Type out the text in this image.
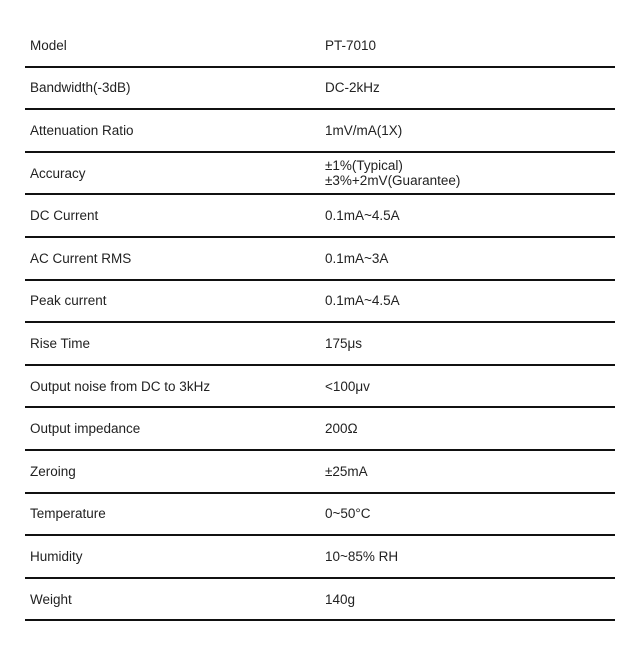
Model	PT-7010
Bandwidth(-3dB)	DC-2kHz
Attenuation Ratio	1mV/mA(1X)
Accuracy	±1%(Typical)
±3%+2mV(Guarantee)
DC Current	0.1mA~4.5A
AC Current RMS	0.1mA~3A
Peak current	0.1mA~4.5A
Rise Time	175μs
Output noise from DC to 3kHz	<100μv
Output impedance	200Ω
Zeroing	±25mA
Temperature	0~50°C
Humidity	10~85% RH
Weight	140g
